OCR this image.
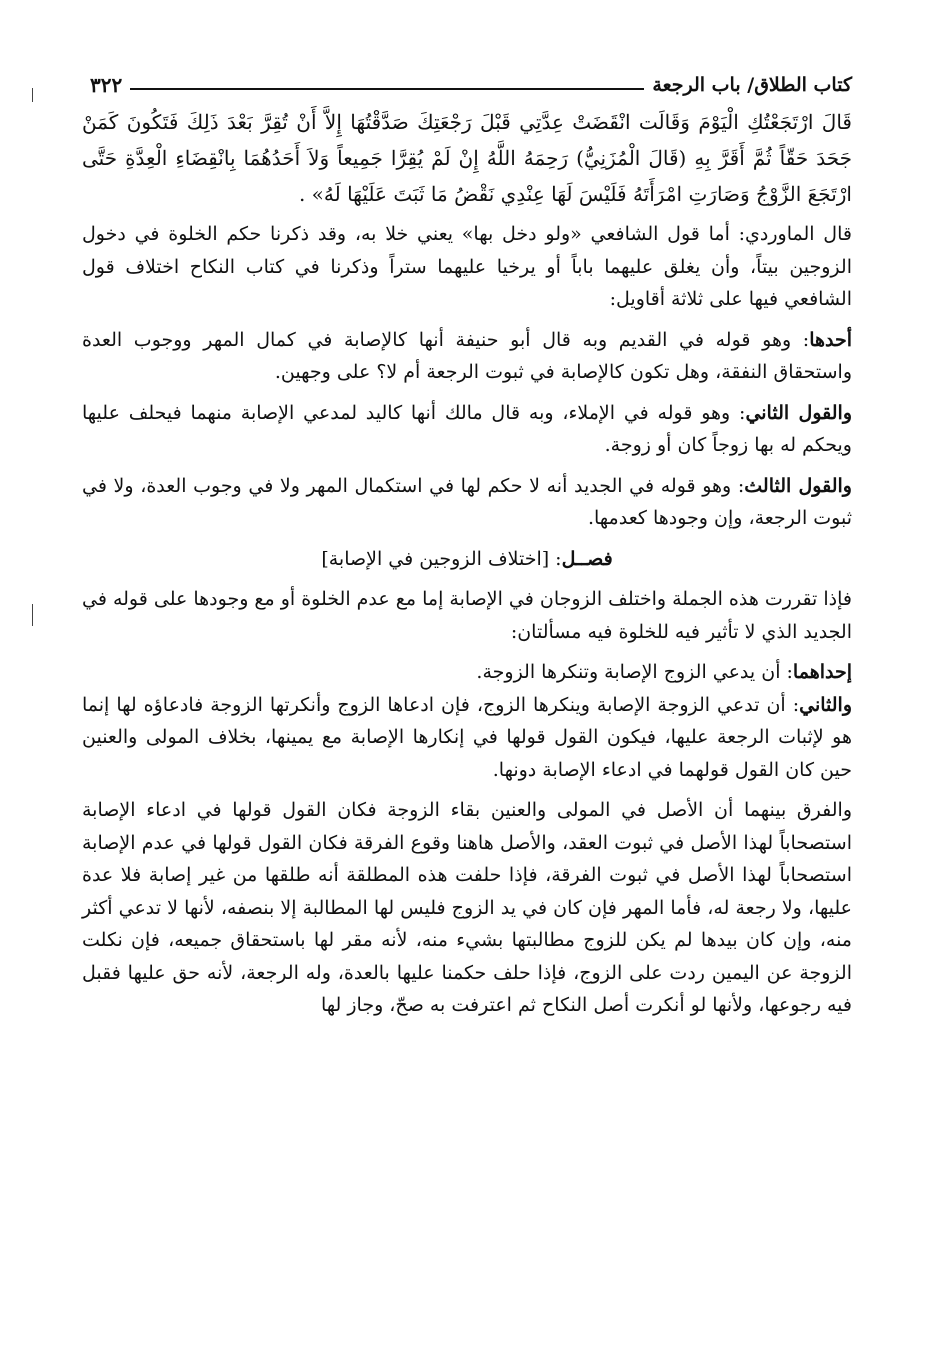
٣٢٢	كتاب الطلاق/ باب الرجعة

قَالَ ارْتَجَعْتُكِ الْيَوْمَ وَقَالَت انْقَضَتْ عِدَّتِي قَبْلَ رَجْعَتِكَ صَدَّقْتُهَا إِلاَّ أَنْ تُقِرَّ بَعْدَ ذَلِكَ فَتَكُونَ كَمَنْ جَحَدَ حَقّاً ثُمَّ أَقَرَّ بِهِ (قَالَ الْمُزَنِيُّ) رَحِمَهُ اللَّهُ إِنْ لَمْ يُقِرَّا جَمِيعاً وَلاَ أَحَدُهُمَا بِانْقِضَاءِ الْعِدَّةِ حَتَّى ارْتَجَعَ الزَّوْجُ وَصَارَتِ امْرَأَتَهُ فَلَيْسَ لَهَا عِنْدِي نَقْضُ مَا ثَبَتَ عَلَيْهَا لَهُ» .

قال الماوردي: أما قول الشافعي «ولو دخل بها» يعني خلا به، وقد ذكرنا حكم الخلوة في دخول الزوجين بيتاً، وأن يغلق عليهما باباً أو يرخيا عليهما ستراً وذكرنا في كتاب النكاح اختلاف قول الشافعي فيها على ثلاثة أقاويل:

أحدها: وهو قوله في القديم وبه قال أبو حنيفة أنها كالإصابة في كمال المهر ووجوب العدة واستحقاق النفقة، وهل تكون كالإصابة في ثبوت الرجعة أم لا؟ على وجهين.

والقول الثاني: وهو قوله في الإملاء، وبه قال مالك أنها كاليد لمدعي الإصابة منهما فيحلف عليها ويحكم له بها زوجاً كان أو زوجة.

والقول الثالث: وهو قوله في الجديد أنه لا حكم لها في استكمال المهر ولا في وجوب العدة، ولا في ثبوت الرجعة، وإن وجودها كعدمها.

فصــل: [اختلاف الزوجين في الإصابة]

فإذا تقررت هذه الجملة واختلف الزوجان في الإصابة إما مع عدم الخلوة أو مع وجودها على قوله في الجديد الذي لا تأثير فيه للخلوة فيه مسألتان:

إحداهما: أن يدعي الزوج الإصابة وتنكرها الزوجة.

والثاني: أن تدعي الزوجة الإصابة وينكرها الزوج، فإن ادعاها الزوج وأنكرتها الزوجة فادعاؤه لها إنما هو لإثبات الرجعة عليها، فيكون القول قولها في إنكارها الإصابة مع يمينها، بخلاف المولى والعنين حين كان القول قولهما في ادعاء الإصابة دونها.

والفرق بينهما أن الأصل في المولى والعنين بقاء الزوجة فكان القول قولها في ادعاء الإصابة استصحاباً لهذا الأصل في ثبوت العقد، والأصل هاهنا وقوع الفرقة فكان القول قولها في عدم الإصابة استصحاباً لهذا الأصل في ثبوت الفرقة، فإذا حلفت هذه المطلقة أنه طلقها من غير إصابة فلا عدة عليها، ولا رجعة له، فأما المهر فإن كان في يد الزوج فليس لها المطالبة إلا بنصفه، لأنها لا تدعي أكثر منه، وإن كان بيدها لم يكن للزوج مطالبتها بشيء منه، لأنه مقر لها باستحقاق جميعه، فإن نكلت الزوجة عن اليمين ردت على الزوج، فإذا حلف حكمنا عليها بالعدة، وله الرجعة، لأنه حق عليها فقبل فيه رجوعها، ولأنها لو أنكرت أصل النكاح ثم اعترفت به صحّ، وجاز لها
